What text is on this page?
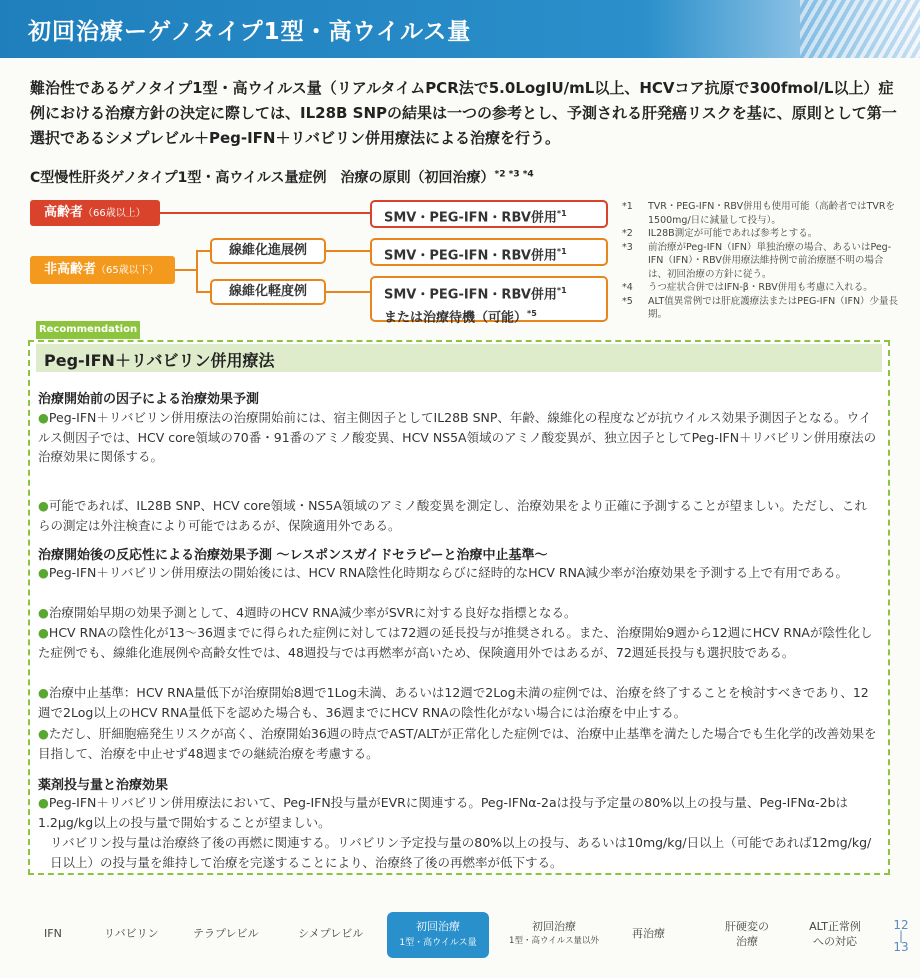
初回治療ーゲノタイプ1型・高ウイルス量
難治性であるゲノタイプ1型・高ウイルス量（リアルタイムPCR法で5.0LogIU/mL以上、HCVコア抗原で300fmol/L以上）症例における治療方針の決定に際しては、IL28B SNPの結果は一つの参考とし、予測される肝発癌リスクを基に、原則として第一選択であるシメプレビル＋Peg-IFN＋リバビリン併用療法による治療を行う。
C型慢性肝炎ゲノタイプ1型・高ウイルス量症例　治療の原則（初回治療）$^{*2 *3 *4}$
高齢者（66歳以上）
非高齢者（65歳以下）
線維化進展例
線維化軽度例
SMV・PEG-IFN・RBV併用$^{*1}$
SMV・PEG-IFN・RBV併用$^{*1}$
SMV・PEG-IFN・RBV併用$^{*1}$
または治療待機（可能）$^{*5}$
*1	TVR・PEG-IFN・RBV併用も使用可能（高齢者ではTVRを1500mg/日に減量して投与）。
*2	IL28B測定が可能であれば参考とする。
*3	前治療がPeg-IFN（IFN）単独治療の場合、あるいはPeg-IFN（IFN）・RBV併用療法維持例で前治療歴不明の場合は、初回治療の方針に従う。
*4	うつ症状合併ではIFN-β・RBV併用も考慮に入れる。
*5	ALT值異常例では肝庇護療法またはPEG-IFN（IFN）少量長期。
Recommendation
Peg-IFN＋リバビリン併用療法
治療開始前の因子による治療効果予測
●Peg-IFN＋リバビリン併用療法の治療開始前には、宿主側因子としてIL28B SNP、年齢、線維化の程度などが抗ウイルス効果予測因子となる。ウイルス側因子では、HCV core領域の70番・91番のアミノ酸変異、HCV NS5A領域のアミノ酸変異が、独立因子としてPeg-IFN＋リバビリン併用療法の治療効果に関係する。
●可能であれば、IL28B SNP、HCV core領域・NS5A領域のアミノ酸変異を測定し、治療効果をより正確に予測することが望ましい。ただし、これらの測定は外注検査により可能ではあるが、保険適用外である。
治療開始後の反応性による治療効果予測 〜レスポンスガイドセラピーと治療中止基準〜
●Peg-IFN＋リバビリン併用療法の開始後には、HCV RNA陰性化時期ならびに経時的なHCV RNA減少率が治療効果を予測する上で有用である。
●治療開始早期の効果予測として、4週時のHCV RNA減少率がSVRに対する良好な指標となる。
●HCV RNAの陰性化が13〜36週までに得られた症例に対しては72週の延長投与が推奨される。また、治療開始9週から12週にHCV RNAが陰性化した症例でも、線維化進展例や高齢女性では、48週投与では再燃率が高いため、保険適用外ではあるが、72週延長投与も選択肢である。
●治療中止基準：HCV RNA量低下が治療開始8週で1Log未満、あるいは12週で2Log未満の症例では、治療を終了することを検討すべきであり、12週で2Log以上のHCV RNA量低下を認めた場合も、36週までにHCV RNAの陰性化がない場合には治療を中止する。
●ただし、肝細胞癌発生リスクが高く、治療開始36週の時点でAST/ALTが正常化した症例では、治療中止基準を満たした場合でも生化学的改善効果を目指して、治療を中止せず48週までの継続治療を考慮する。
薬剤投与量と治療効果
●Peg-IFN＋リバビリン併用療法において、Peg-IFN投与量がEVRに関連する。Peg-IFNα-2aは投与予定量の80%以上の投与量、Peg-IFNα-2bは1.2μg/kg以上の投与量で開始することが望ましい。
リバビリン投与量は治療終了後の再燃に関連する。リバビリン予定投与量の80%以上の投与、あるいは10mg/kg/日以上（可能であれば12mg/kg/日以上）の投与量を維持して治療を完遂することにより、治療終了後の再燃率が低下する。
IFN	リバビリン	テラプレビル	シメプレビル
初回治療
1型・高ウイルス量以外
再治療
肝硬変の
治療
ALT正常例
への対応
初回治療
1型・高ウイルス量
12
|
13
